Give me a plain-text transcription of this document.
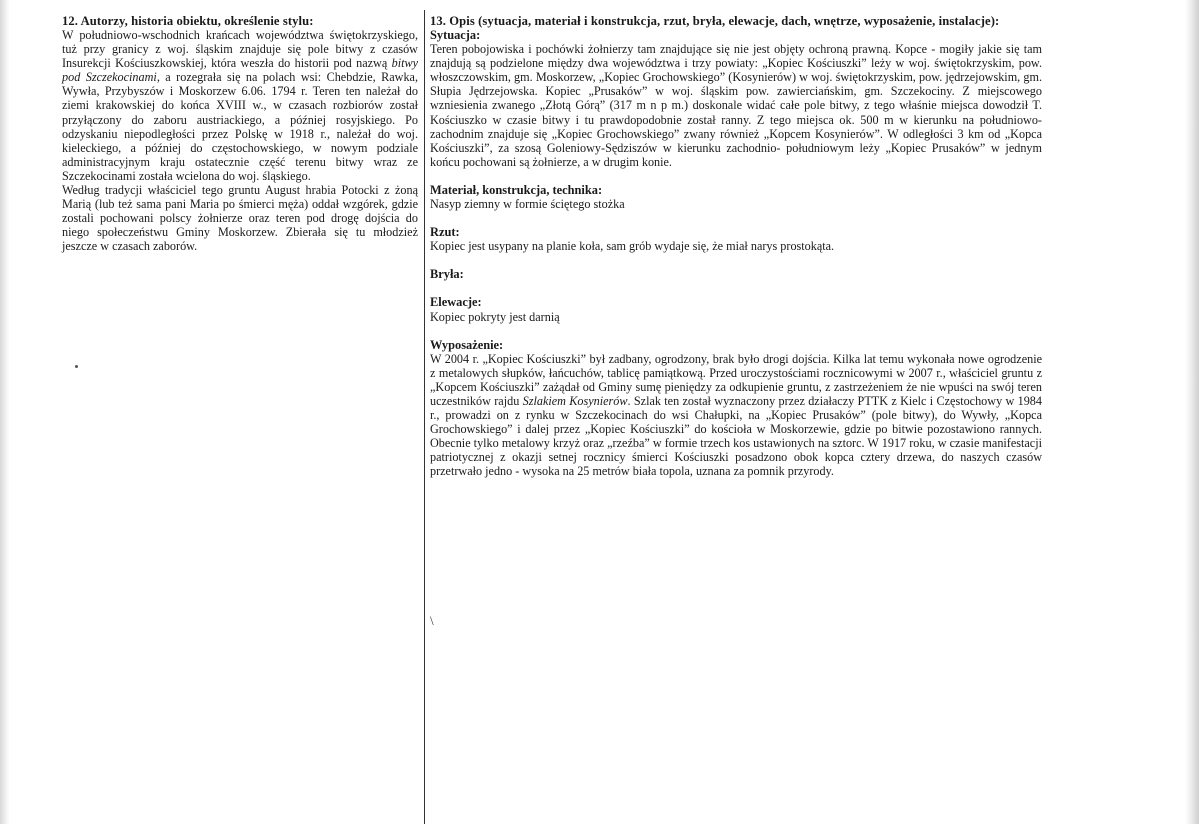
12. Autorzy, historia obiektu, określenie stylu:

W południowo-wschodnich krańcach województwa świętokrzyskiego, tuż przy granicy z woj. śląskim znajduje się pole bitwy z czasów Insurekcji Kościuszkowskiej, która weszła do historii pod nazwą bitwy pod Szczekocinami, a rozegrała się na polach wsi: Chebdzie, Rawka, Wywła, Przybyszów i Moskorzew 6.06. 1794 r. Teren ten należał do ziemi krakowskiej do końca XVIII w., w czasach rozbiorów został przyłączony do zaboru austriackiego, a później rosyjskiego. Po odzyskaniu niepodległości przez Polskę w 1918 r., należał do woj. kieleckiego, a później do częstochowskiego, w nowym podziale administracyjnym kraju ostatecznie część terenu bitwy wraz ze Szczekocinami została wcielona do woj. śląskiego.

Według tradycji właściciel tego gruntu August hrabia Potocki z żoną Marią (lub też sama pani Maria po śmierci męża) oddał wzgórek, gdzie zostali pochowani polscy żołnierze oraz teren pod drogę dojścia do niego społeczeństwu Gminy Moskorzew. Zbierała się tu młodzież jeszcze w czasach zaborów.

13. Opis (sytuacja, materiał i konstrukcja, rzut, bryła, elewacje, dach, wnętrze, wyposażenie, instalacje):
Sytuacja:

Teren pobojowiska i pochówki żołnierzy tam znajdujące się nie jest objęty ochroną prawną. Kopce - mogiły jakie się tam znajdują są podzielone między dwa województwa i trzy powiaty: „Kopiec Kościuszki” leży w woj. świętokrzyskim, pow. włoszczowskim, gm. Moskorzew, „Kopiec Grochowskiego” (Kosynierów) w woj. świętokrzyskim, pow. jędrzejowskim, gm. Słupia Jędrzejowska. Kopiec „Prusaków” w woj. śląskim pow. zawierciańskim, gm. Szczekociny. Z miejscowego wzniesienia zwanego „Złotą Górą” (317 m n p m.) doskonale widać całe pole bitwy, z tego właśnie miejsca dowodził T. Kościuszko w czasie bitwy i tu prawdopodobnie został ranny. Z tego miejsca ok. 500 m w kierunku na południowo-zachodnim znajduje się „Kopiec Grochowskiego” zwany również „Kopcem Kosynierów”. W odległości 3 km od „Kopca Kościuszki”, za szosą Goleniowy-Sędziszów w kierunku zachodnio- południowym leży „Kopiec Prusaków” w jednym końcu pochowani są żołnierze, a w drugim konie.

Materiał, konstrukcja, technika:

Nasyp ziemny w formie ściętego stożka

Rzut:

Kopiec jest usypany na planie koła, sam grób wydaje się, że miał narys prostokąta.

Bryła:
Elewacje:

Kopiec pokryty jest darnią

Wyposażenie:

W 2004 r. „Kopiec Kościuszki” był zadbany, ogrodzony, brak było drogi dojścia. Kilka lat temu wykonała nowe ogrodzenie z metalowych słupków, łańcuchów, tablicę pamiątkową. Przed uroczystościami rocznicowymi w 2007 r., właściciel gruntu z „Kopcem Kościuszki” zażądał od Gminy sumę pieniędzy za odkupienie gruntu, z zastrzeżeniem że nie wpuści na swój teren uczestników rajdu Szlakiem Kosynierów. Szlak ten został wyznaczony przez działaczy PTTK z Kielc i Częstochowy w 1984 r., prowadzi on z rynku w Szczekocinach do wsi Chałupki, na „Kopiec Prusaków” (pole bitwy), do Wywły, „Kopca Grochowskiego” i dalej przez „Kopiec Kościuszki” do kościoła w Moskorzewie, gdzie po bitwie pozostawiono rannych. Obecnie tylko metalowy krzyż oraz „rzeźba” w formie trzech kos ustawionych na sztorc. W 1917 roku, w czasie manifestacji patriotycznej z okazji setnej rocznicy śmierci Kościuszki posadzono obok kopca cztery drzewa, do naszych czasów przetrwało jedno - wysoka na 25 metrów biała topola, uznana za pomnik przyrody.

\
